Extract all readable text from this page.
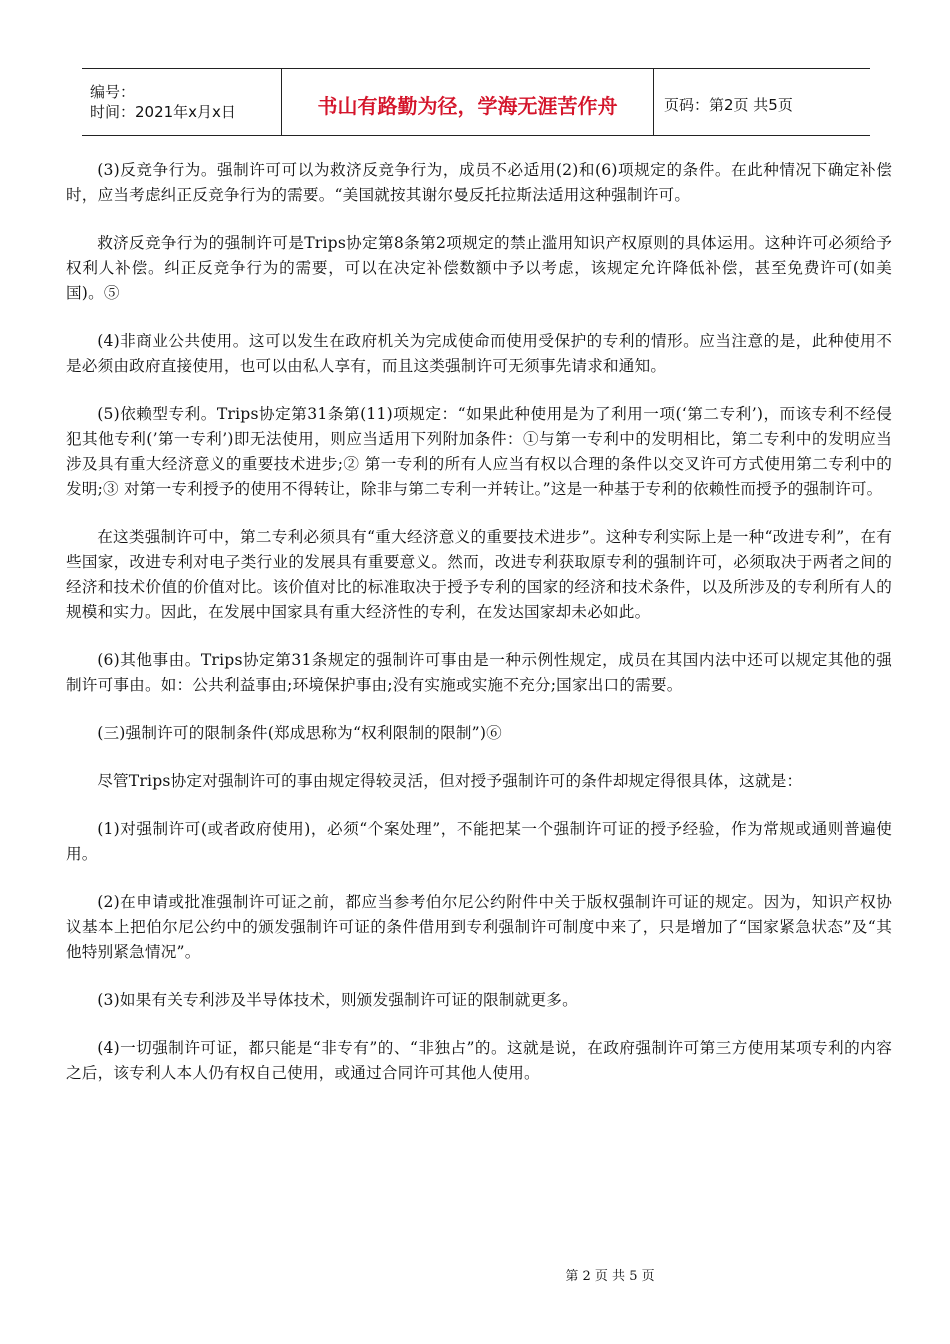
编号：
时间：2021年x月x日	书山有路勤为径，学海无涯苦作舟	页码：第2页 共5页

(3)反竞争行为。强制许可可以为救济反竞争行为，成员不必适用(2)和(6)项规定的条件。在此种情况下确定补偿时，应当考虑纠正反竞争行为的需要。“美国就按其谢尔曼反托拉斯法适用这种强制许可。

救济反竞争行为的强制许可是Trips协定第8条第2项规定的禁止滥用知识产权原则的具体运用。这种许可必须给予权利人补偿。纠正反竞争行为的需要，可以在决定补偿数额中予以考虑，该规定允许降低补偿，甚至免费许可(如美国)。⑤

(4)非商业公共使用。这可以发生在政府机关为完成使命而使用受保护的专利的情形。应当注意的是，此种使用不是必须由政府直接使用，也可以由私人享有，而且这类强制许可无须事先请求和通知。

(5)依赖型专利。Trips协定第31条第(11)项规定：“如果此种使用是为了利用一项(‘第二专利’)，而该专利不经侵犯其他专利(’第一专利’)即无法使用，则应当适用下列附加条件：①与第一专利中的发明相比，第二专利中的发明应当涉及具有重大经济意义的重要技术进步;② 第一专利的所有人应当有权以合理的条件以交叉许可方式使用第二专利中的发明;③ 对第一专利授予的使用不得转让，除非与第二专利一并转让。”这是一种基于专利的依赖性而授予的强制许可。

在这类强制许可中，第二专利必须具有“重大经济意义的重要技术进步”。这种专利实际上是一种“改进专利”，在有些国家，改进专利对电子类行业的发展具有重要意义。然而，改进专利获取原专利的强制许可，必须取决于两者之间的经济和技术价值的价值对比。该价值对比的标准取决于授予专利的国家的经济和技术条件，以及所涉及的专利所有人的规模和实力。因此，在发展中国家具有重大经济性的专利，在发达国家却未必如此。

(6)其他事由。Trips协定第31条规定的强制许可事由是一种示例性规定，成员在其国内法中还可以规定其他的强制许可事由。如：公共利益事由;环境保护事由;没有实施或实施不充分;国家出口的需要。

(三)强制许可的限制条件(郑成思称为“权利限制的限制”)⑥

尽管Trips协定对强制许可的事由规定得较灵活，但对授予强制许可的条件却规定得很具体，这就是：

(1)对强制许可(或者政府使用)，必须“个案处理”，不能把某一个强制许可证的授予经验，作为常规或通则普遍使用。

(2)在申请或批准强制许可证之前，都应当参考伯尔尼公约附件中关于版权强制许可证的规定。因为，知识产权协议基本上把伯尔尼公约中的颁发强制许可证的条件借用到专利强制许可制度中来了，只是增加了“国家紧急状态”及“其他特别紧急情况”。

(3)如果有关专利涉及半导体技术，则颁发强制许可证的限制就更多。

(4)一切强制许可证，都只能是“非专有”的、“非独占”的。这就是说，在政府强制许可第三方使用某项专利的内容之后，该专利人本人仍有权自己使用，或通过合同许可其他人使用。

第 2 页 共 5 页
